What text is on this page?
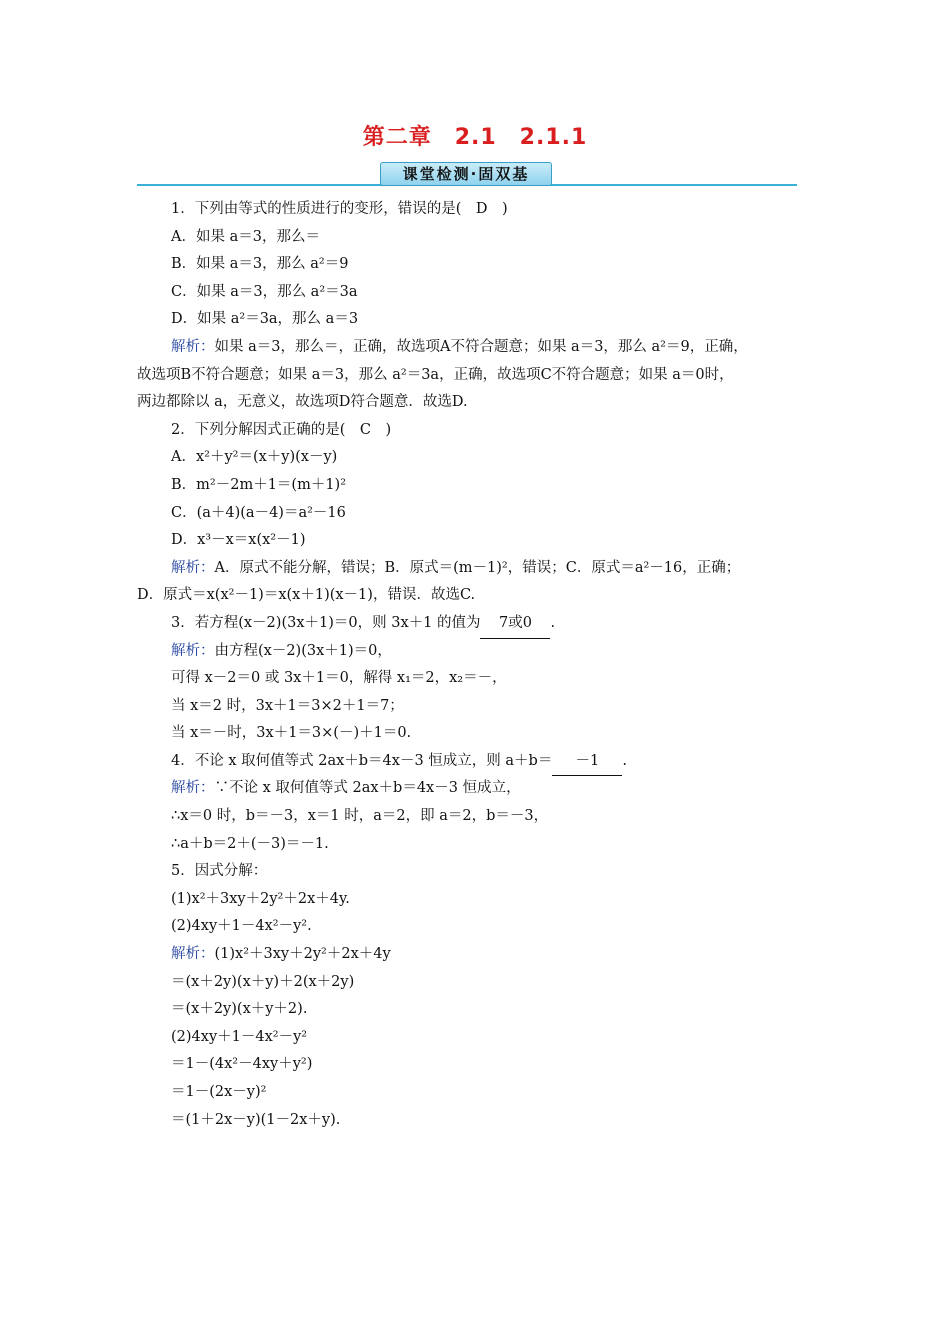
第二章　2.1　2.1.1
课堂检测·固双基
1．下列由等式的性质进行的变形，错误的是(　D　)
A．如果 a＝3，那么＝
B．如果 a＝3，那么 a²＝9
C．如果 a＝3，那么 a²＝3a
D．如果 a²＝3a，那么 a＝3
解析：如果 a＝3，那么＝，正确，故选项A不符合题意；如果 a＝3，那么 a²＝9，正确，
故选项B不符合题意；如果 a＝3，那么 a²＝3a，正确，故选项C不符合题意；如果 a＝0时，
两边都除以 a，无意义，故选项D符合题意．故选D.
2．下列分解因式正确的是(　C　)
A．x²＋y²＝(x＋y)(x－y)
B．m²－2m＋1＝(m＋1)²
C．(a＋4)(a－4)＝a²－16
D．x³－x＝x(x²－1)
解析：A．原式不能分解，错误；B．原式＝(m－1)²，错误；C．原式＝a²－16，正确；
D．原式＝x(x²－1)＝x(x＋1)(x－1)，错误．故选C.
3．若方程(x－2)(3x＋1)＝0，则 3x＋1 的值为 7或0 .
解析：由方程(x－2)(3x＋1)＝0，
可得 x－2＝0 或 3x＋1＝0，解得 x₁＝2，x₂＝－，
当 x＝2 时，3x＋1＝3×2＋1＝7；
当 x＝－时，3x＋1＝3×(－)＋1＝0.
4．不论 x 取何值等式 2ax＋b＝4x－3 恒成立，则 a＋b＝ －1 .
解析：∵不论 x 取何值等式 2ax＋b＝4x－3 恒成立，
∴x＝0 时，b＝－3，x＝1 时，a＝2，即 a＝2，b＝－3，
∴a＋b＝2＋(－3)＝－1.
5．因式分解：
(1)x²＋3xy＋2y²＋2x＋4y.
(2)4xy＋1－4x²－y².
解析：(1)x²＋3xy＋2y²＋2x＋4y
＝(x＋2y)(x＋y)＋2(x＋2y)
＝(x＋2y)(x＋y＋2).
(2)4xy＋1－4x²－y²
＝1－(4x²－4xy＋y²)
＝1－(2x－y)²
＝(1＋2x－y)(1－2x＋y).
